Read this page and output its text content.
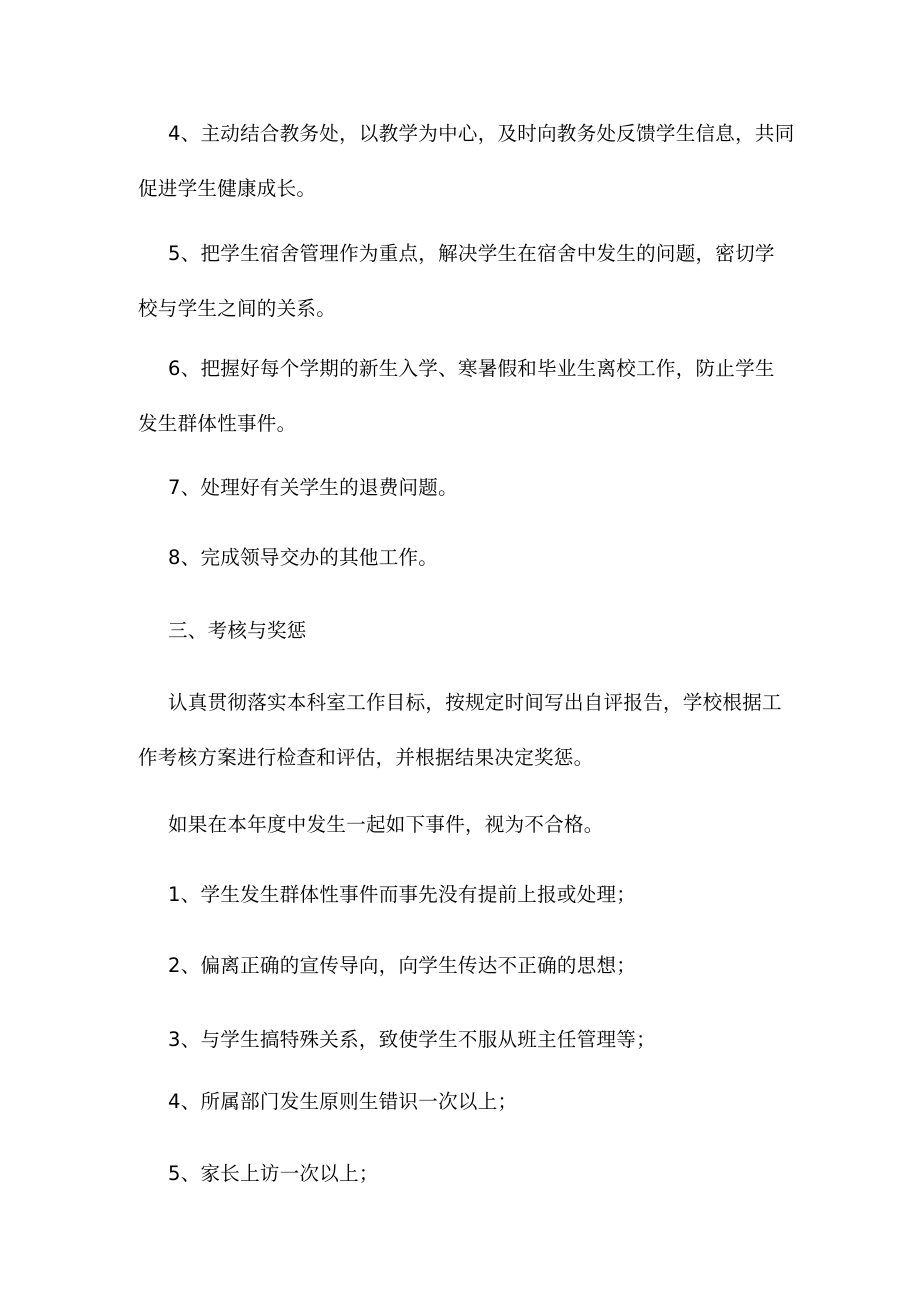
4、主动结合教务处，以教学为中心，及时向教务处反馈学生信息，共同
促进学生健康成长。
5、把学生宿舍管理作为重点，解决学生在宿舍中发生的问题，密切学
校与学生之间的关系。
6、把握好每个学期的新生入学、寒暑假和毕业生离校工作，防止学生
发生群体性事件。
7、处理好有关学生的退费问题。
8、完成领导交办的其他工作。
三、考核与奖惩
认真贯彻落实本科室工作目标，按规定时间写出自评报告，学校根据工
作考核方案进行检查和评估，并根据结果决定奖惩。
如果在本年度中发生一起如下事件，视为不合格。
1、学生发生群体性事件而事先没有提前上报或处理；
2、偏离正确的宣传导向，向学生传达不正确的思想；
3、与学生搞特殊关系，致使学生不服从班主任管理等；
4、所属部门发生原则生错识一次以上；
5、家长上访一次以上；
